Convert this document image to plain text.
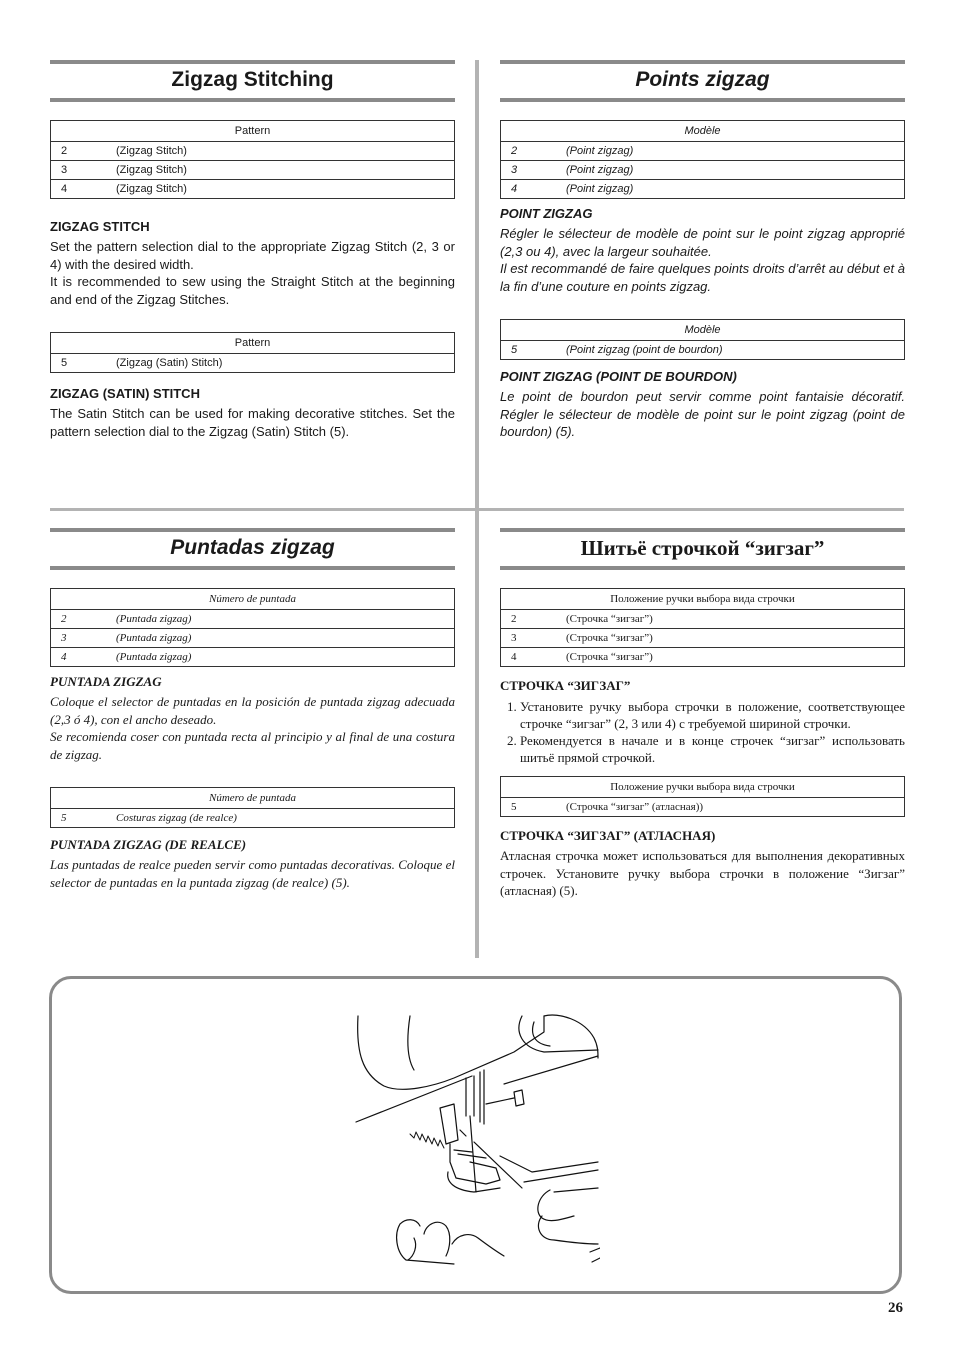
Zigzag Stitching
Pattern	
2	(Zigzag Stitch)
3	(Zigzag Stitch)
4	(Zigzag Stitch)
ZIGZAG STITCH

Set the pattern selection dial to the appropriate Zigzag Stitch (2, 3 or 4) with the desired width.

It is recommended to sew using the Straight Stitch at the beginning and end of the Zigzag Stitches.

Pattern
5	(Zigzag (Satin) Stitch)
ZIGZAG (SATIN) STITCH

The Satin Stitch can be used for making decorative stitches. Set the pattern selection dial to the Zigzag (Satin) Stitch (5).

Points zigzag
Modèle	
2	(Point zigzag)
3	(Point zigzag)
4	(Point zigzag)
POINT ZIGZAG

Régler le sélecteur de modèle de point sur le point zigzag approprié (2,3 ou 4), avec la largeur souhaitée.

Il est recommandé de faire quelques points droits d’arrêt au début et à la fin d’une couture en points zigzag.

Modèle
5	(Point zigzag (point de bourdon)
POINT ZIGZAG (POINT DE BOURDON)

Le point de bourdon peut servir comme point fantaisie décoratif. Régler le sélecteur de modèle de point sur le point zigzag (point de bourdon) (5).

Puntadas zigzag
Número de puntada	
2	(Puntada zigzag)
3	(Puntada zigzag)
4	(Puntada zigzag)
PUNTADA ZIGZAG

Coloque el selector de puntadas en la posición de puntada zigzag adecuada (2,3 ó 4), con el ancho deseado.

Se recomienda coser con puntada recta al principio y al final de una costura de zigzag.

Número de puntada
5	Costuras zigzag (de realce)
PUNTADA ZIGZAG (DE REALCE)

Las puntadas de realce pueden servir como puntadas decorativas. Coloque el selector de puntadas en la puntada zigzag (de realce) (5).

Шитьё строчкой “зигзаг”
Положение ручки выбора вида строчки	
2	(Строчка “зигзаг”)
3	(Строчка “зигзаг”)
4	(Строчка “зигзаг”)
СТРОЧКА “ЗИГЗАГ”
1. Установите ручку выбора строчки в положение, соответствующее строчке “зигзаг” (2, 3 или 4) с требуемой шириной строчки.
2. Рекомендуется в начале и в конце строчек “зигзаг” использовать шитьё прямой строчкой.
Положение ручки выбора вида строчки
5	(Строчка “зигзаг” (атласная))
СТРОЧКА “ЗИГЗАГ” (АТЛАСНАЯ)

Атласная строчка может использоваться для выполнения декоративных строчек. Установите ручку выбора строчки в положение “Зигзаг” (атласная) (5).

26
